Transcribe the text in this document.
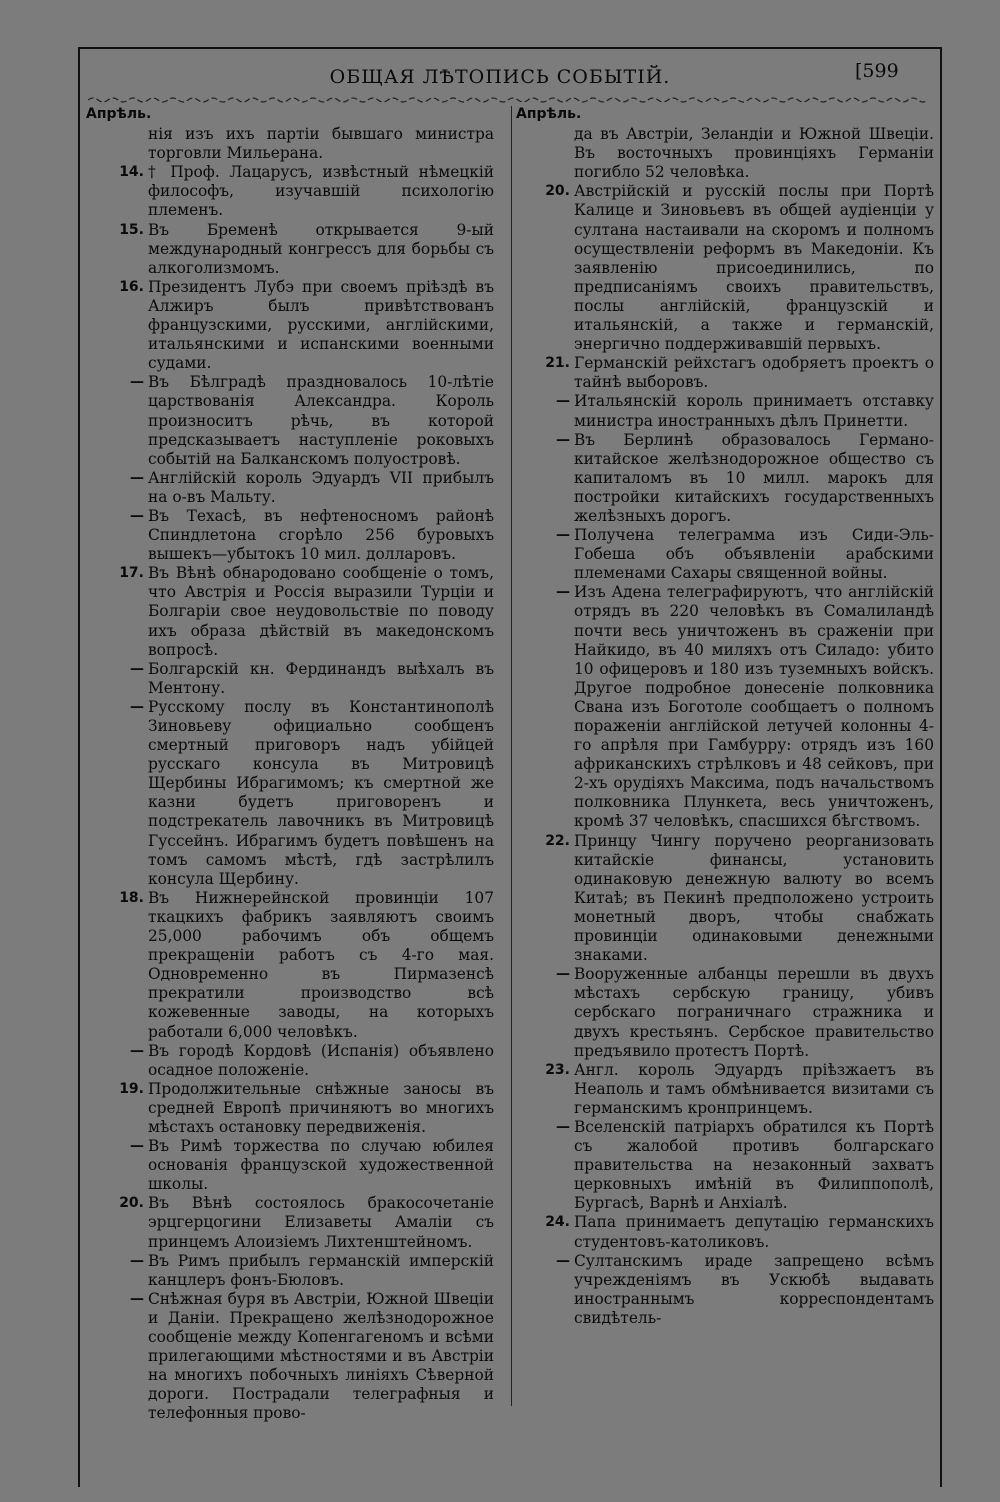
ОБЩАЯ ЛѢТОПИСЬ СОБЫТІЙ.	[599
Апрѣль.
нія изъ ихъ партіи бывшаго министра торговли Мильерана.
14. † Проф. Лацарусъ, извѣстный нѣмецкій философъ, изучавшій психологію племенъ.
15. Въ Бременѣ открывается 9-ый международный конгрессъ для борьбы съ алкоголизмомъ.
16. Президентъ Лубэ при своемъ пріѣздѣ въ Алжиръ былъ привѣтствованъ французскими, русскими, англійскими, итальянскими и испанскими военными судами.
— Въ Бѣлградѣ праздновалось 10-лѣтіе царствованія Александра. Король произноситъ рѣчь, въ которой предсказываетъ наступленіе роковыхъ событій на Балканскомъ полуостровѣ.
— Англійскій король Эдуардъ VII прибылъ на о-въ Мальту.
— Въ Техасѣ, въ нефтеносномъ районѣ Спиндлетона сгорѣло 256 буровыхъ вышекъ—убытокъ 10 мил. долларовъ.
17. Въ Вѣнѣ обнародовано сообщеніе о томъ, что Австрія и Россія выразили Турціи и Болгаріи свое неудовольствіе по поводу ихъ образа дѣйствій въ македонскомъ вопросѣ.
— Болгарскій кн. Фердинандъ выѣхалъ въ Ментону.
— Русскому послу въ Константинополѣ Зиновьеву официально сообщенъ смертный приговоръ надъ убійцей русскаго консула въ Митровицѣ Щербины Ибрагимомъ; къ смертной же казни будетъ приговоренъ и подстрекатель лавочникъ въ Митровицѣ Гуссейнъ. Ибрагимъ будетъ повѣшенъ на томъ самомъ мѣстѣ, гдѣ застрѣлилъ консула Щербину.
18. Въ Нижнерейнской провинціи 107 ткацкихъ фабрикъ заявляютъ своимъ 25,000 рабочимъ объ общемъ прекращеніи работъ съ 4-го мая. Одновременно въ Пирмазенсѣ прекратили производство всѣ кожевенные заводы, на которыхъ работали 6,000 человѣкъ.
— Въ городѣ Кордовѣ (Испанія) объявлено осадное положеніе.
19. Продолжительные снѣжные заносы въ средней Европѣ причиняютъ во многихъ мѣстахъ остановку передвиженія.
— Въ Римѣ торжества по случаю юбилея основанія французской художественной школы.
20. Въ Вѣнѣ состоялось бракосочетаніе эрцгерцогини Елизаветы Амаліи съ принцемъ Алоизіемъ Лихтенштейномъ.
— Въ Римъ прибылъ германскій имперскій канцлеръ фонъ-Бюловъ.
— Снѣжная буря въ Австріи, Южной Швеціи и Даніи. Прекращено желѣзнодорожное сообщеніе между Копенгагеномъ и всѣми прилегающими мѣстностями и въ Австріи на многихъ побочныхъ линіяхъ Сѣверной дороги. Пострадали телеграфныя и телефонныя прово-
Апрѣль.
да въ Австріи, Зеландіи и Южной Швеціи. Въ восточныхъ провинціяхъ Германіи погибло 52 человѣка.
20. Австрійскій и русскій послы при Портѣ Калице и Зиновьевъ въ общей аудіенціи у султана настаивали на скоромъ и полномъ осуществленіи реформъ въ Македоніи. Къ заявленію присоединились, по предписаніямъ своихъ правительствъ, послы англійскій, французскій и итальянскій, а также и германскій, энергично поддерживавшій первыхъ.
21. Германскій рейхстагъ одобряетъ проектъ о тайнѣ выборовъ.
— Итальянскій король принимаетъ отставку министра иностранныхъ дѣлъ Принетти.
— Въ Берлинѣ образовалось Германо-китайское желѣзнодорожное общество съ капиталомъ въ 10 милл. марокъ для постройки китайскихъ государственныхъ желѣзныхъ дорогъ.
— Получена телеграмма изъ Сиди-Эль-Гобеша объ объявленіи арабскими племенами Сахары священной войны.
— Изъ Адена телеграфируютъ, что англійскій отрядъ въ 220 человѣкъ въ Сомалиландѣ почти весь уничтоженъ въ сраженіи при Найкидо, въ 40 миляхъ отъ Силадо: убито 10 офицеровъ и 180 изъ туземныхъ войскъ. Другое подробное донесеніе полковника Свана изъ Боготоле сообщаетъ о полномъ пораженіи англійской летучей колонны 4-го апрѣля при Гамбурру: отрядъ изъ 160 африканскихъ стрѣлковъ и 48 сейковъ, при 2-хъ орудіяхъ Максима, подъ начальствомъ полковника Плункета, весь уничтоженъ, кромѣ 37 человѣкъ, спасшихся бѣгствомъ.
22. Принцу Чингу поручено реорганизовать китайскіе финансы, установить одинаковую денежную валюту во всемъ Китаѣ; въ Пекинѣ предположено устроить монетный дворъ, чтобы снабжать провинціи одинаковыми денежными знаками.
— Вооруженные албанцы перешли въ двухъ мѣстахъ сербскую границу, убивъ сербскаго пограничнаго стражника и двухъ крестьянъ. Сербское правительство предъявило протестъ Портѣ.
23. Англ. король Эдуардъ пріѣзжаетъ въ Неаполь и тамъ обмѣнивается визитами съ германскимъ кронпринцемъ.
— Вселенскій патріархъ обратился къ Портѣ съ жалобой противъ болгарскаго правительства на незаконный захватъ церковныхъ имѣній въ Филиппополѣ, Бургасѣ, Варнѣ и Анхіалѣ.
24. Папа принимаетъ депутацію германскихъ студентовъ-католиковъ.
— Султанскимъ ираде запрещено всѣмъ учрежденіямъ въ Ускюбѣ выдавать иностраннымъ корреспондентамъ свидѣтель-
